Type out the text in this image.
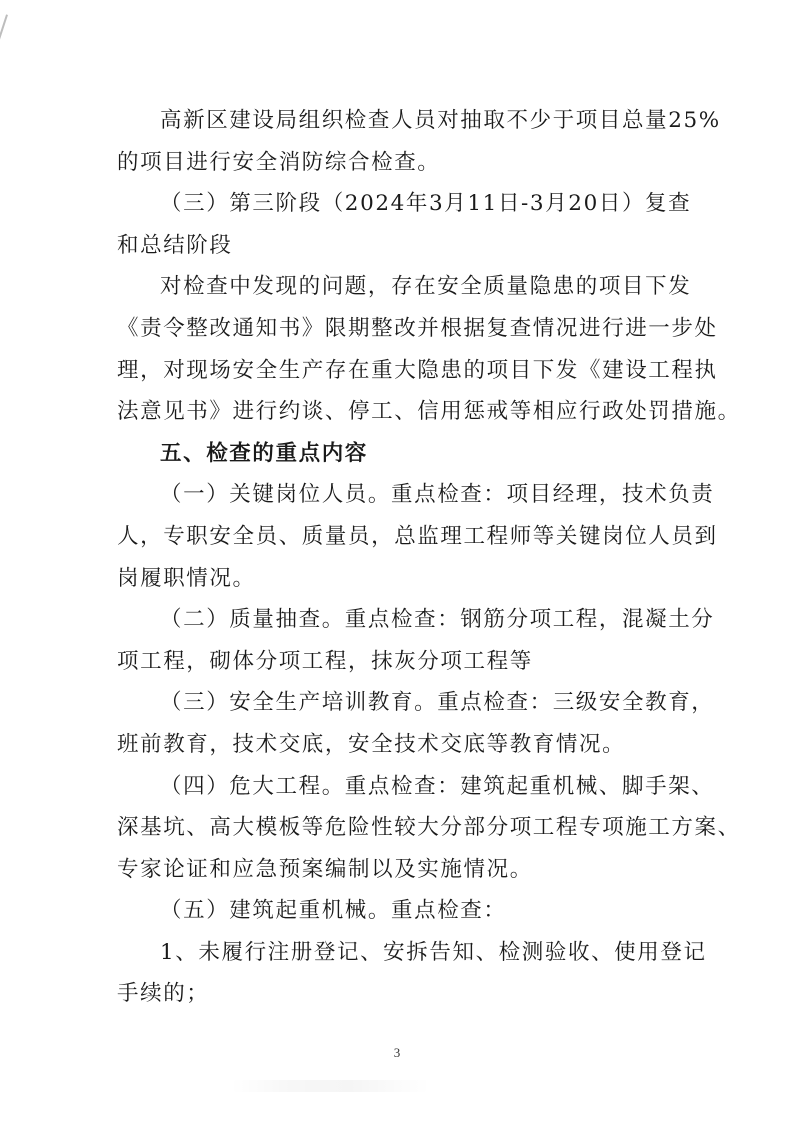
高新区建设局组织检查人员对抽取不少于项目总量25%
的项目进行安全消防综合检查。

（三）第三阶段（2024年3月11日-3月20日）复查
和总结阶段

对检查中发现的问题，存在安全质量隐患的项目下发
《责令整改通知书》限期整改并根据复查情况进行进一步处
理，对现场安全生产存在重大隐患的项目下发《建设工程执
法意见书》进行约谈、停工、信用惩戒等相应行政处罚措施。

五、检查的重点内容

（一）关键岗位人员。重点检查：项目经理，技术负责
人，专职安全员、质量员，总监理工程师等关键岗位人员到
岗履职情况。

（二）质量抽查。重点检查：钢筋分项工程，混凝土分
项工程，砌体分项工程，抹灰分项工程等

（三）安全生产培训教育。重点检查：三级安全教育，
班前教育，技术交底，安全技术交底等教育情况。

（四）危大工程。重点检查：建筑起重机械、脚手架、
深基坑、高大模板等危险性较大分部分项工程专项施工方案、
专家论证和应急预案编制以及实施情况。

（五）建筑起重机械。重点检查：

1、未履行注册登记、安拆告知、检测验收、使用登记
手续的；

3
